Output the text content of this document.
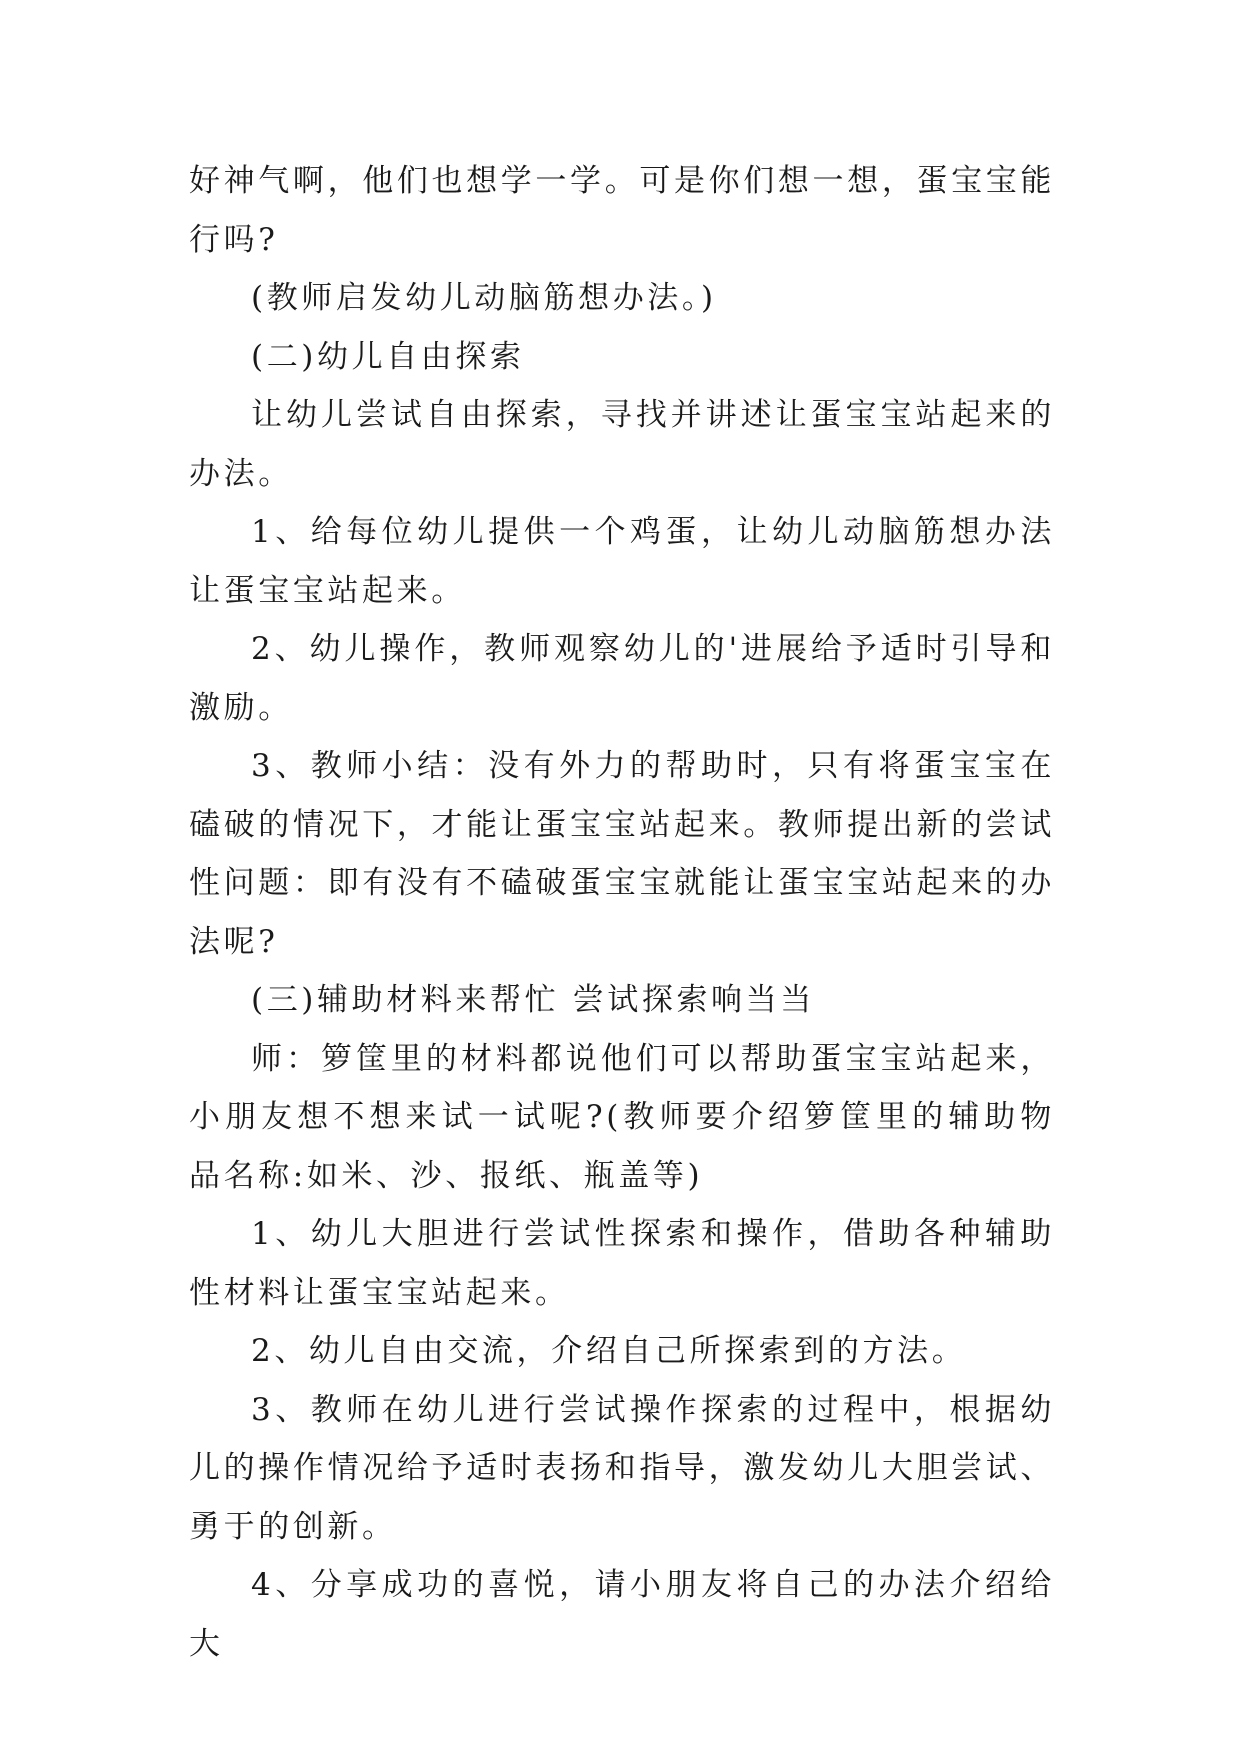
好神气啊，他们也想学一学。可是你们想一想，蛋宝宝能行吗?

(教师启发幼儿动脑筋想办法。)

(二)幼儿自由探索

让幼儿尝试自由探索，寻找并讲述让蛋宝宝站起来的办法。

1、给每位幼儿提供一个鸡蛋，让幼儿动脑筋想办法让蛋宝宝站起来。

2、幼儿操作，教师观察幼儿的'进展给予适时引导和激励。

3、教师小结：没有外力的帮助时，只有将蛋宝宝在磕破的情况下，才能让蛋宝宝站起来。教师提出新的尝试性问题：即有没有不磕破蛋宝宝就能让蛋宝宝站起来的办法呢?

(三)辅助材料来帮忙 尝试探索响当当

师：箩筐里的材料都说他们可以帮助蛋宝宝站起来，小朋友想不想来试一试呢?(教师要介绍箩筐里的辅助物品名称:如米、沙、报纸、瓶盖等)

1、幼儿大胆进行尝试性探索和操作，借助各种辅助性材料让蛋宝宝站起来。

2、幼儿自由交流，介绍自己所探索到的方法。

3、教师在幼儿进行尝试操作探索的过程中，根据幼儿的操作情况给予适时表扬和指导，激发幼儿大胆尝试、勇于的创新。

4、分享成功的喜悦，请小朋友将自己的办法介绍给大
